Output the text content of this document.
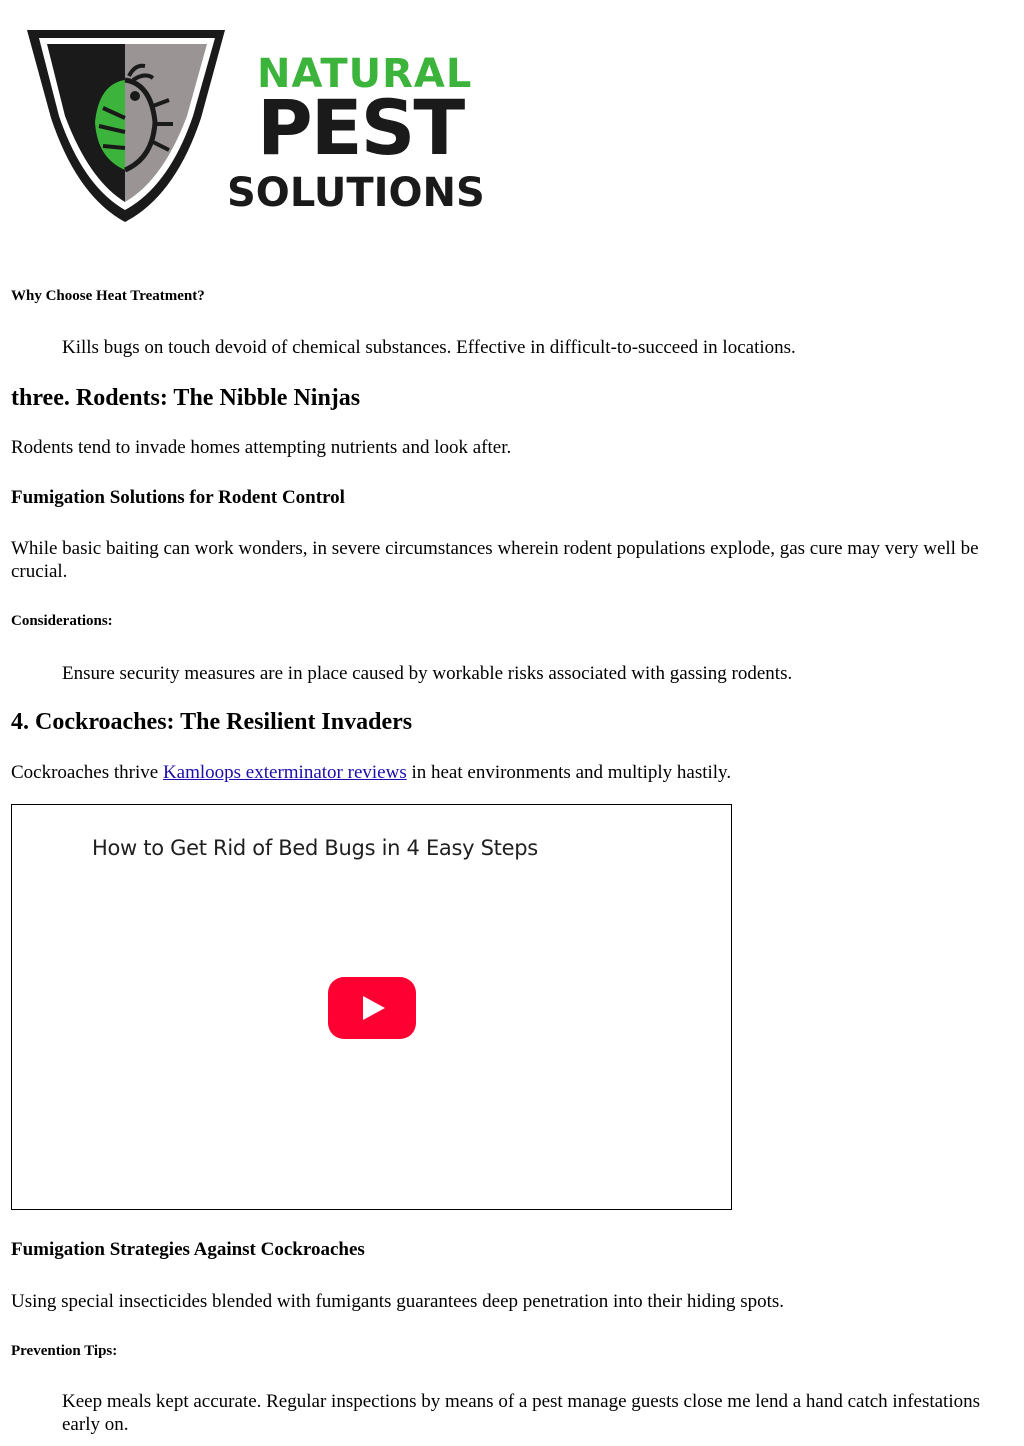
NATURAL
PEST
SOLUTIONS
Why Choose Heat Treatment?

Kills bugs on touch devoid of chemical substances. Effective in difficult-to-succeed in locations.

three. Rodents: The Nibble Ninjas

Rodents tend to invade homes attempting nutrients and look after.

Fumigation Solutions for Rodent Control

While basic baiting can work wonders, in severe circumstances wherein rodent populations explode, gas cure may very well be crucial.

Considerations:

Ensure security measures are in place caused by workable risks associated with gassing rodents.

4. Cockroaches: The Resilient Invaders

Cockroaches thrive Kamloops exterminator reviews in heat environments and multiply hastily.

How to Get Rid of Bed Bugs in 4 Easy Steps
Fumigation Strategies Against Cockroaches

Using special insecticides blended with fumigants guarantees deep penetration into their hiding spots.

Prevention Tips:

Keep meals kept accurate. Regular inspections by means of a pest manage guests close me lend a hand catch infestations early on.
